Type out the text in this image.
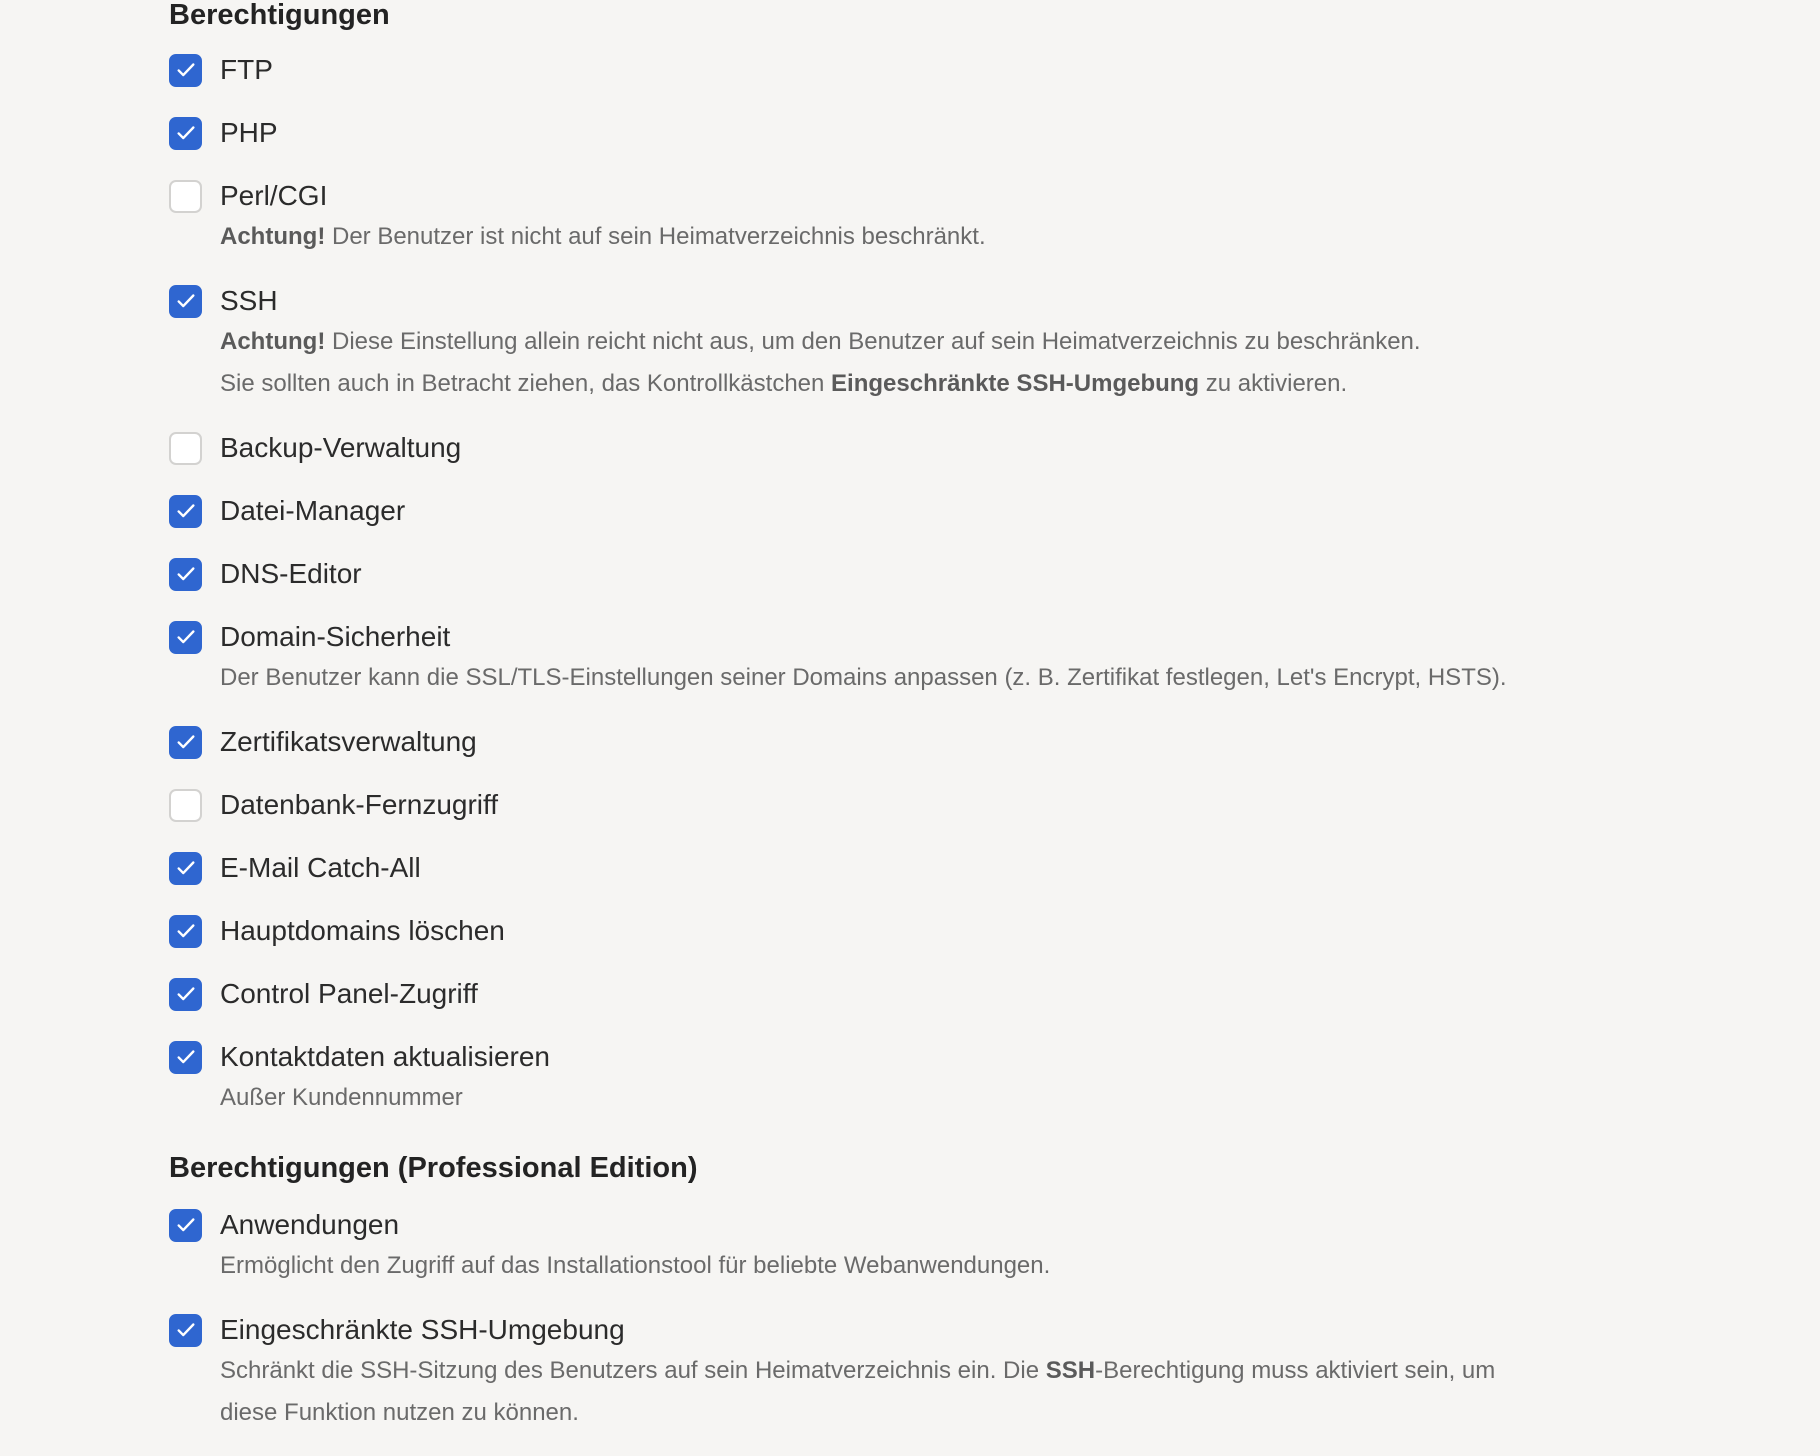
Berechtigungen
FTP
PHP
Perl/CGI
Achtung! Der Benutzer ist nicht auf sein Heimatverzeichnis beschränkt.
SSH
Achtung! Diese Einstellung allein reicht nicht aus, um den Benutzer auf sein Heimatverzeichnis zu beschränken.
Sie sollten auch in Betracht ziehen, das Kontrollkästchen Eingeschränkte SSH-Umgebung zu aktivieren.
Backup-Verwaltung
Datei-Manager
DNS-Editor
Domain-Sicherheit
Der Benutzer kann die SSL/TLS-Einstellungen seiner Domains anpassen (z. B. Zertifikat festlegen, Let's Encrypt, HSTS).
Zertifikatsverwaltung
Datenbank-Fernzugriff
E-Mail Catch-All
Hauptdomains löschen
Control Panel-Zugriff
Kontaktdaten aktualisieren
Außer Kundennummer
Berechtigungen (Professional Edition)
Anwendungen
Ermöglicht den Zugriff auf das Installationstool für beliebte Webanwendungen.
Eingeschränkte SSH-Umgebung
Schränkt die SSH-Sitzung des Benutzers auf sein Heimatverzeichnis ein. Die SSH-Berechtigung muss aktiviert sein, um
diese Funktion nutzen zu können.
